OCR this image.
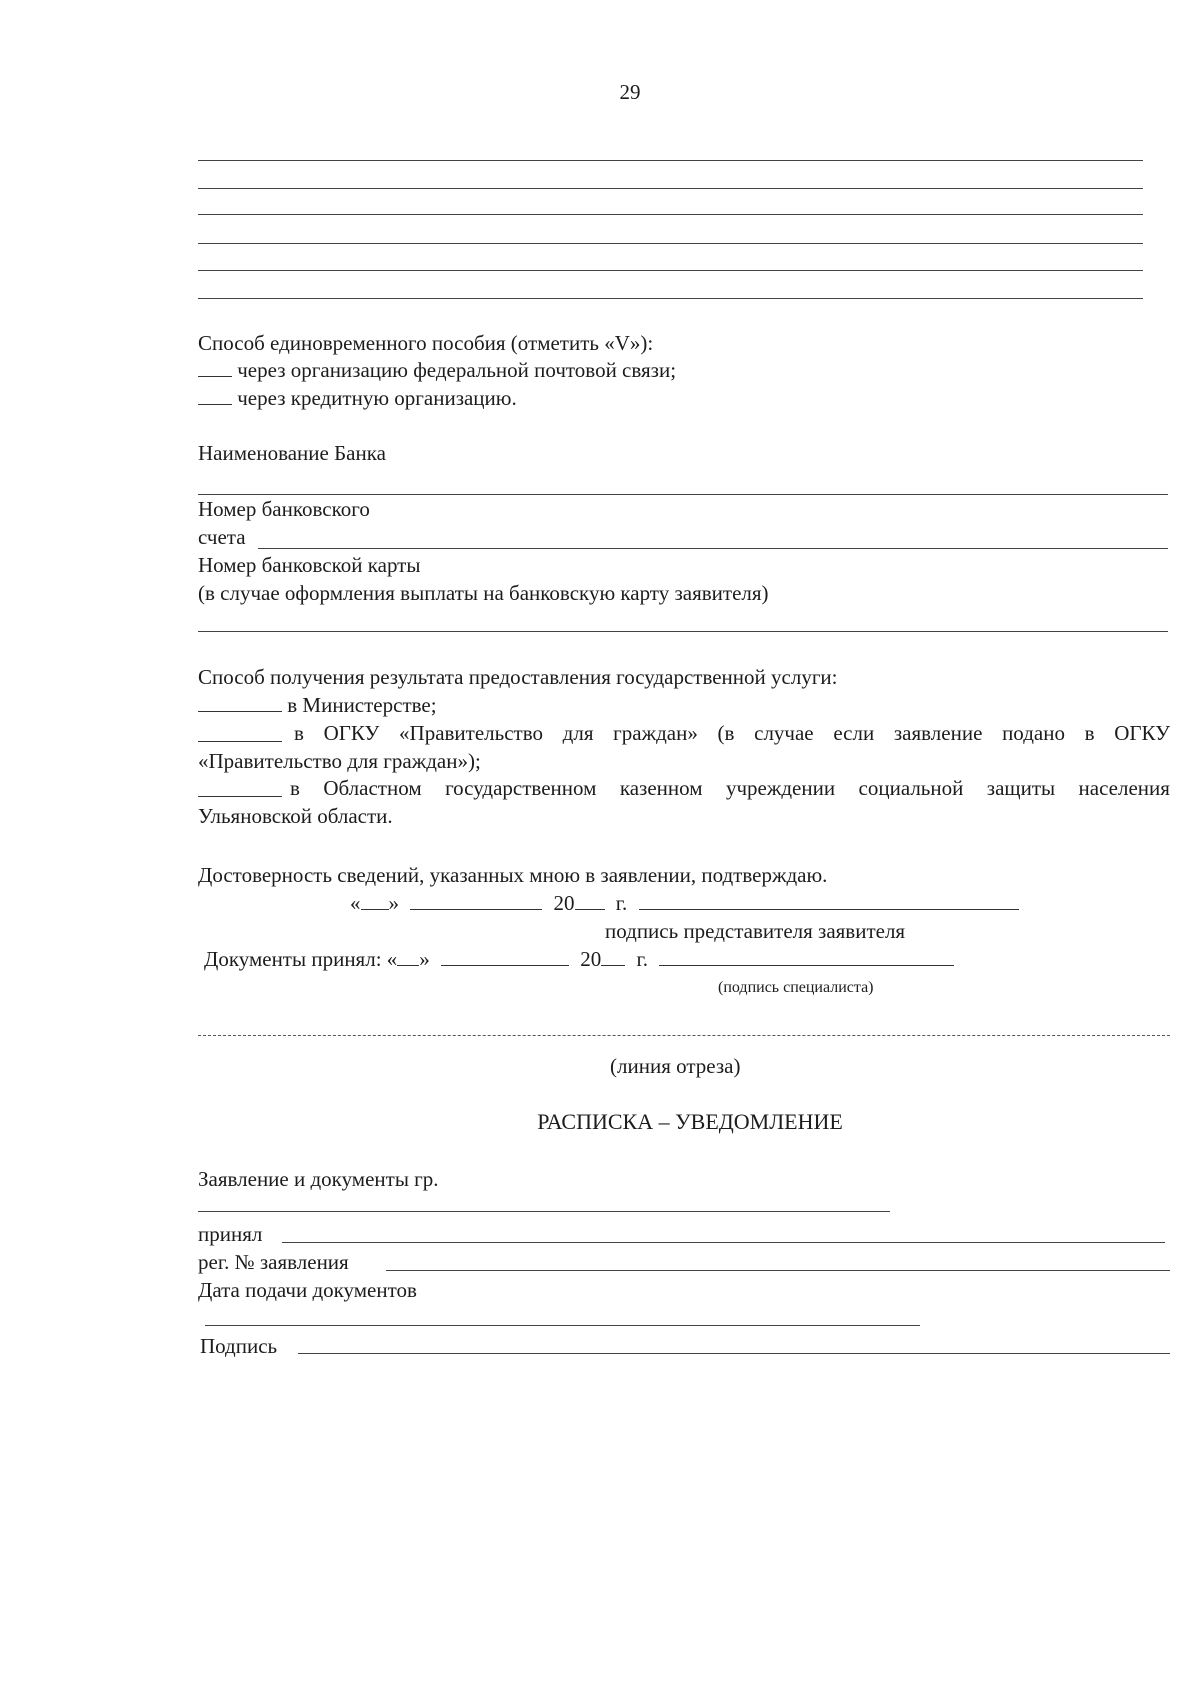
29
Способ единовременного пособия (отметить «V»):
через организацию федеральной почтовой связи;
через кредитную организацию.
Наименование Банка
Номер банковского
счета
Номер банковской карты
(в случае оформления выплаты на банковскую карту заявителя)
Способ получения результата предоставления государственной услуги:
в Министерстве;
в ОГКУ «Правительство для граждан» (в случае если заявление подано в ОГКУ
«Правительство для граждан»);
в Областном государственном казенном учреждении социальной защиты населения
Ульяновской области.
Достоверность сведений, указанных мною в заявлении, подтверждаю.
« »	20 г.
подпись представителя заявителя
Документы принял: « »	20 г.
(подпись специалиста)
(линия отреза)
РАСПИСКА – УВЕДОМЛЕНИЕ
Заявление и документы гр.
принял
рег. № заявления
Дата подачи документов
Подпись
